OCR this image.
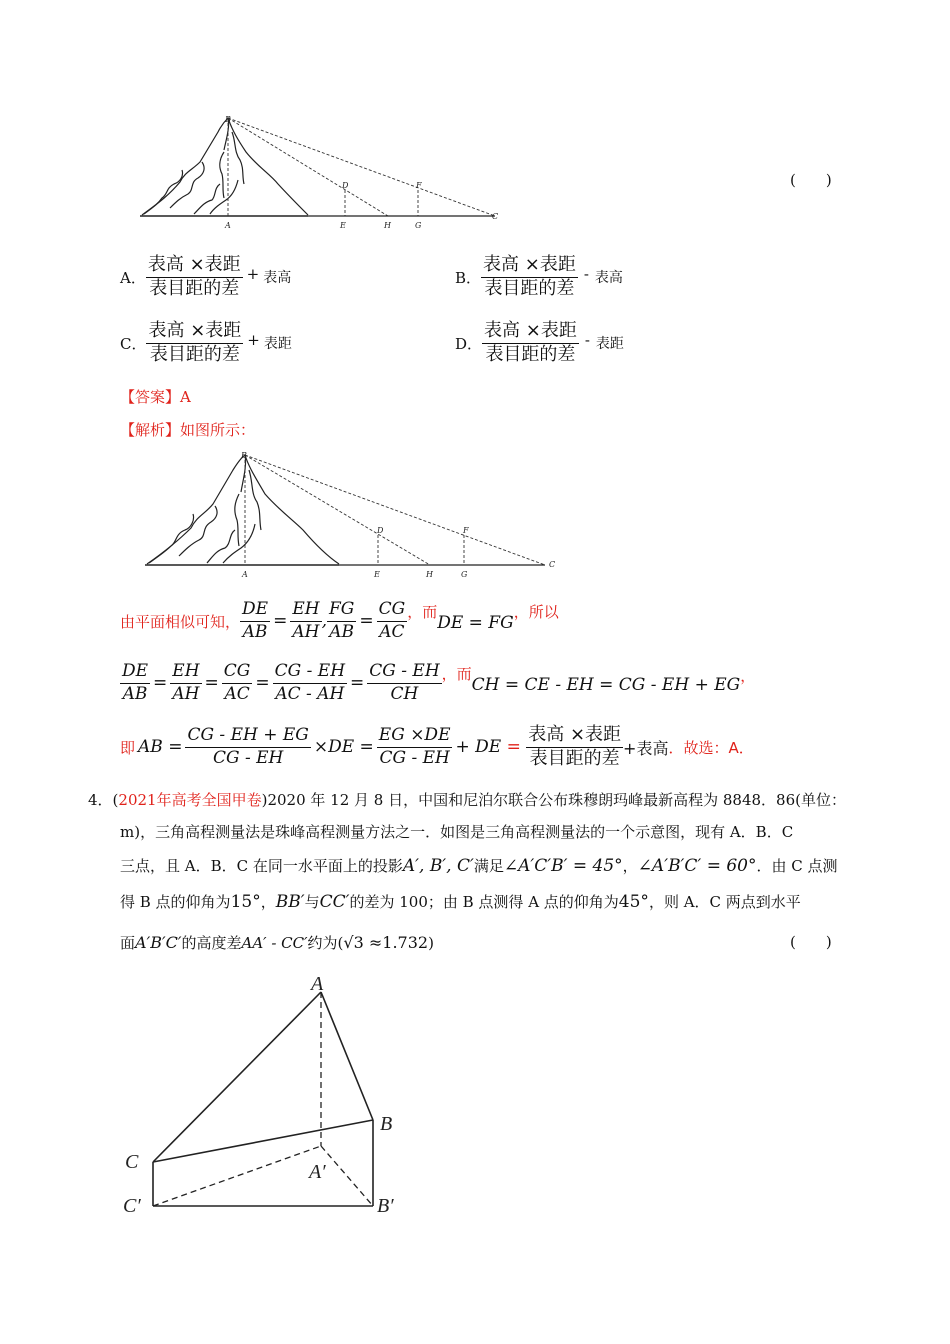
B
D	F
A	E	H	G
C
(　　)
A． $\frac{\text{表高 ×表距}}{\text{表目距的差}}$ + 表高	B． $\frac{\text{表高 ×表距}}{\text{表目距的差}}$ - 表高
C． $\frac{\text{表高 ×表距}}{\text{表目距的差}}$ + 表距	D． $\frac{\text{表高 ×表距}}{\text{表目距的差}}$ - 表距
【答案】A
【解析】如图所示：
B
D	F
A	E	H	G
C
由平面相似可知， $\frac{DE}{AB} = \frac{EH}{AH}$ , $\frac{FG}{AB} = \frac{CG}{AC}$ ，而
DE = FG
，所以
$\frac{DE}{AB} = \frac{EH}{AH} = \frac{CG}{AC} = \frac{CG - EH}{AC - AH} = \frac{CG - EH}{CH}$ ，而
CH = CE - EH = CG - EH + EG ，
即 AB = $\frac{CG - EH + EG}{CG - EH} \times DE = \frac{EG \times DE}{CG - EH}$ + DE = $\frac{\text{表高 ×表距}}{\text{表目距的差}}$ +表高 ．故选：A．
4．(2021年高考全国甲卷)2020 年 12 月 8 日，中国和尼泊尔联合公布珠穆朗玛峰最新高程为 8848．86(单位：
m)，三角高程测量法是珠峰高程测量方法之一．如图是三角高程测量法的一个示意图，现有 A．B．C
三点，且 A．B．C 在同一水平面上的投影A′, B′, C′满足∠A′C′B′ = 45°，∠A′B′C′ = 60°．由 C 点测
得 B 点的仰角为15°，BB′与CC′的差为 100；由 B 点测得 A 点的仰角为45°，则 A．C 两点到水平
面A′B′C′的高度差AA′ - CC′约为(√3 ≈1.732)	(　　)
A
B
C	A′
B′
C′
